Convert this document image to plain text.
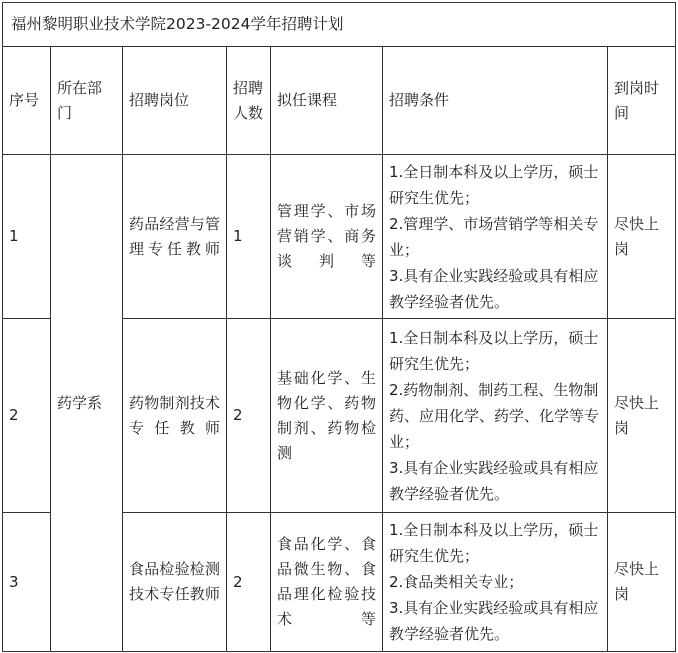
福州黎明职业技术学院2023-2024学年招聘计划						
序号	所在部门	招聘岗位	招聘人数	拟任课程	招聘条件	到岗时间
1	药学系	药品经营与管理专任教师	1	管理学、市场营销学、商务谈判等	1.全日制本科及以上学历，硕士研究生优先；
2.管理学、市场营销学等相关专业；
3.具有企业实践经验或具有相应教学经验者优先。	尽快上岗
2		药物制剂技术专任教师	2	基础化学、生物化学、药物制剂、药物检测	1.全日制本科及以上学历，硕士研究生优先；
2.药物制剂、制药工程、生物制药、应用化学、药学、化学等专业；
3.具有企业实践经验或具有相应教学经验者优先。	尽快上岗
3		食品检验检测技术专任教师	2	食品化学、食品微生物、食品理化检验技术等	1.全日制本科及以上学历，硕士研究生优先；
2.食品类相关专业；
3.具有企业实践经验或具有相应教学经验者优先。	尽快上岗
